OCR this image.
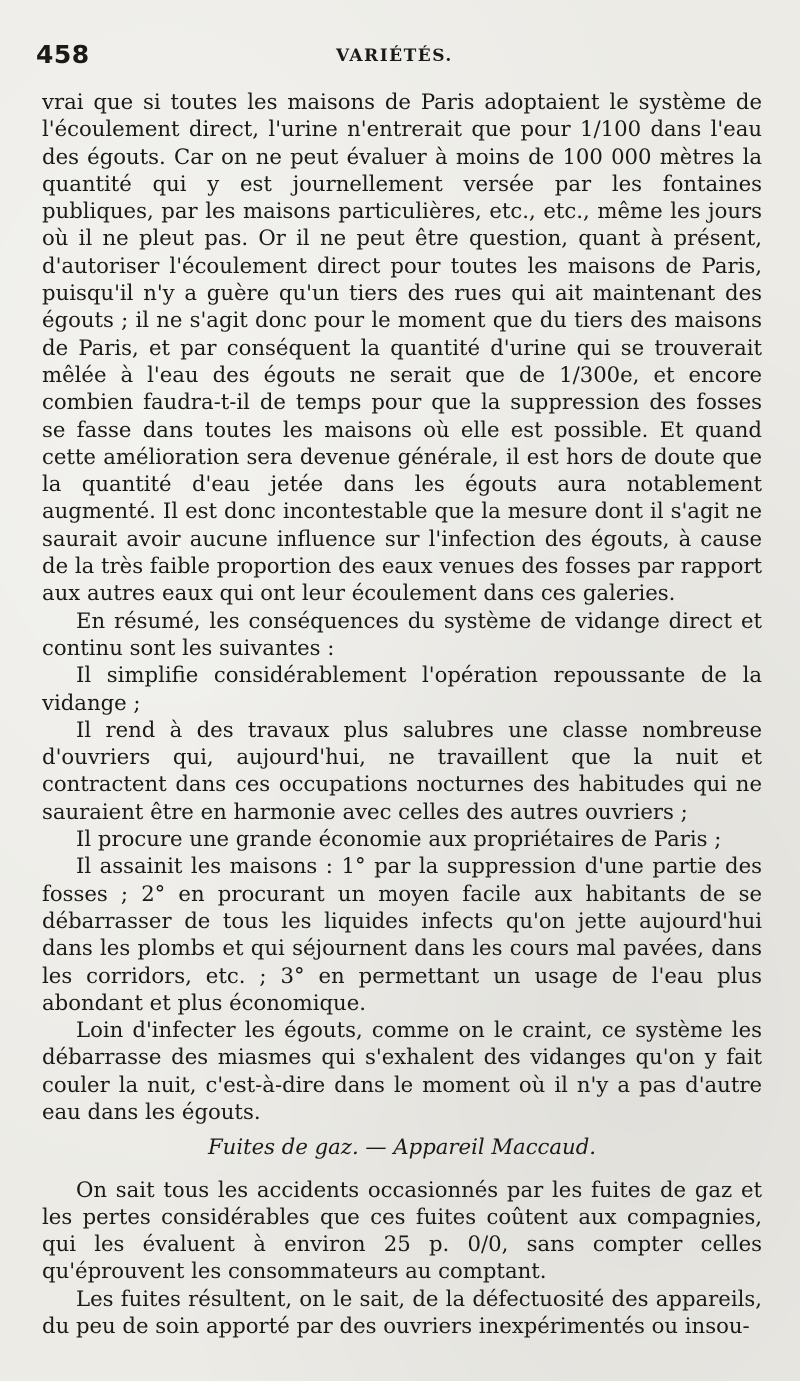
458	VARIÉTÉS.

vrai que si toutes les maisons de Paris adoptaient le système de l'écoulement direct, l'urine n'entrerait que pour 1/100 dans l'eau des égouts. Car on ne peut évaluer à moins de 100 000 mètres la quantité qui y est journellement versée par les fontaines publiques, par les maisons particulières, etc., etc., même les jours où il ne pleut pas. Or il ne peut être question, quant à présent, d'autoriser l'écoulement direct pour toutes les maisons de Paris, puisqu'il n'y a guère qu'un tiers des rues qui ait maintenant des égouts ; il ne s'agit donc pour le moment que du tiers des maisons de Paris, et par conséquent la quantité d'urine qui se trouverait mêlée à l'eau des égouts ne serait que de 1/300e, et encore combien faudra-t-il de temps pour que la suppression des fosses se fasse dans toutes les maisons où elle est possible. Et quand cette amélioration sera devenue générale, il est hors de doute que la quantité d'eau jetée dans les égouts aura notablement augmenté. Il est donc incontestable que la mesure dont il s'agit ne saurait avoir aucune influence sur l'infection des égouts, à cause de la très faible proportion des eaux venues des fosses par rapport aux autres eaux qui ont leur écoulement dans ces galeries.

En résumé, les conséquences du système de vidange direct et continu sont les suivantes :

Il simplifie considérablement l'opération repoussante de la vidange ;

Il rend à des travaux plus salubres une classe nombreuse d'ouvriers qui, aujourd'hui, ne travaillent que la nuit et contractent dans ces occupations nocturnes des habitudes qui ne sauraient être en harmonie avec celles des autres ouvriers ;

Il procure une grande économie aux propriétaires de Paris ;

Il assainit les maisons : 1° par la suppression d'une partie des fosses ; 2° en procurant un moyen facile aux habitants de se débarrasser de tous les liquides infects qu'on jette aujourd'hui dans les plombs et qui séjournent dans les cours mal pavées, dans les corridors, etc. ; 3° en permettant un usage de l'eau plus abondant et plus économique.

Loin d'infecter les égouts, comme on le craint, ce système les débarrasse des miasmes qui s'exhalent des vidanges qu'on y fait couler la nuit, c'est-à-dire dans le moment où il n'y a pas d'autre eau dans les égouts.

Fuites de gaz. — Appareil Maccaud.

On sait tous les accidents occasionnés par les fuites de gaz et les pertes considérables que ces fuites coûtent aux compagnies, qui les évaluent à environ 25 p. 0/0, sans compter celles qu'éprouvent les consommateurs au comptant.

Les fuites résultent, on le sait, de la défectuosité des appareils, du peu de soin apporté par des ouvriers inexpérimentés ou insou-
